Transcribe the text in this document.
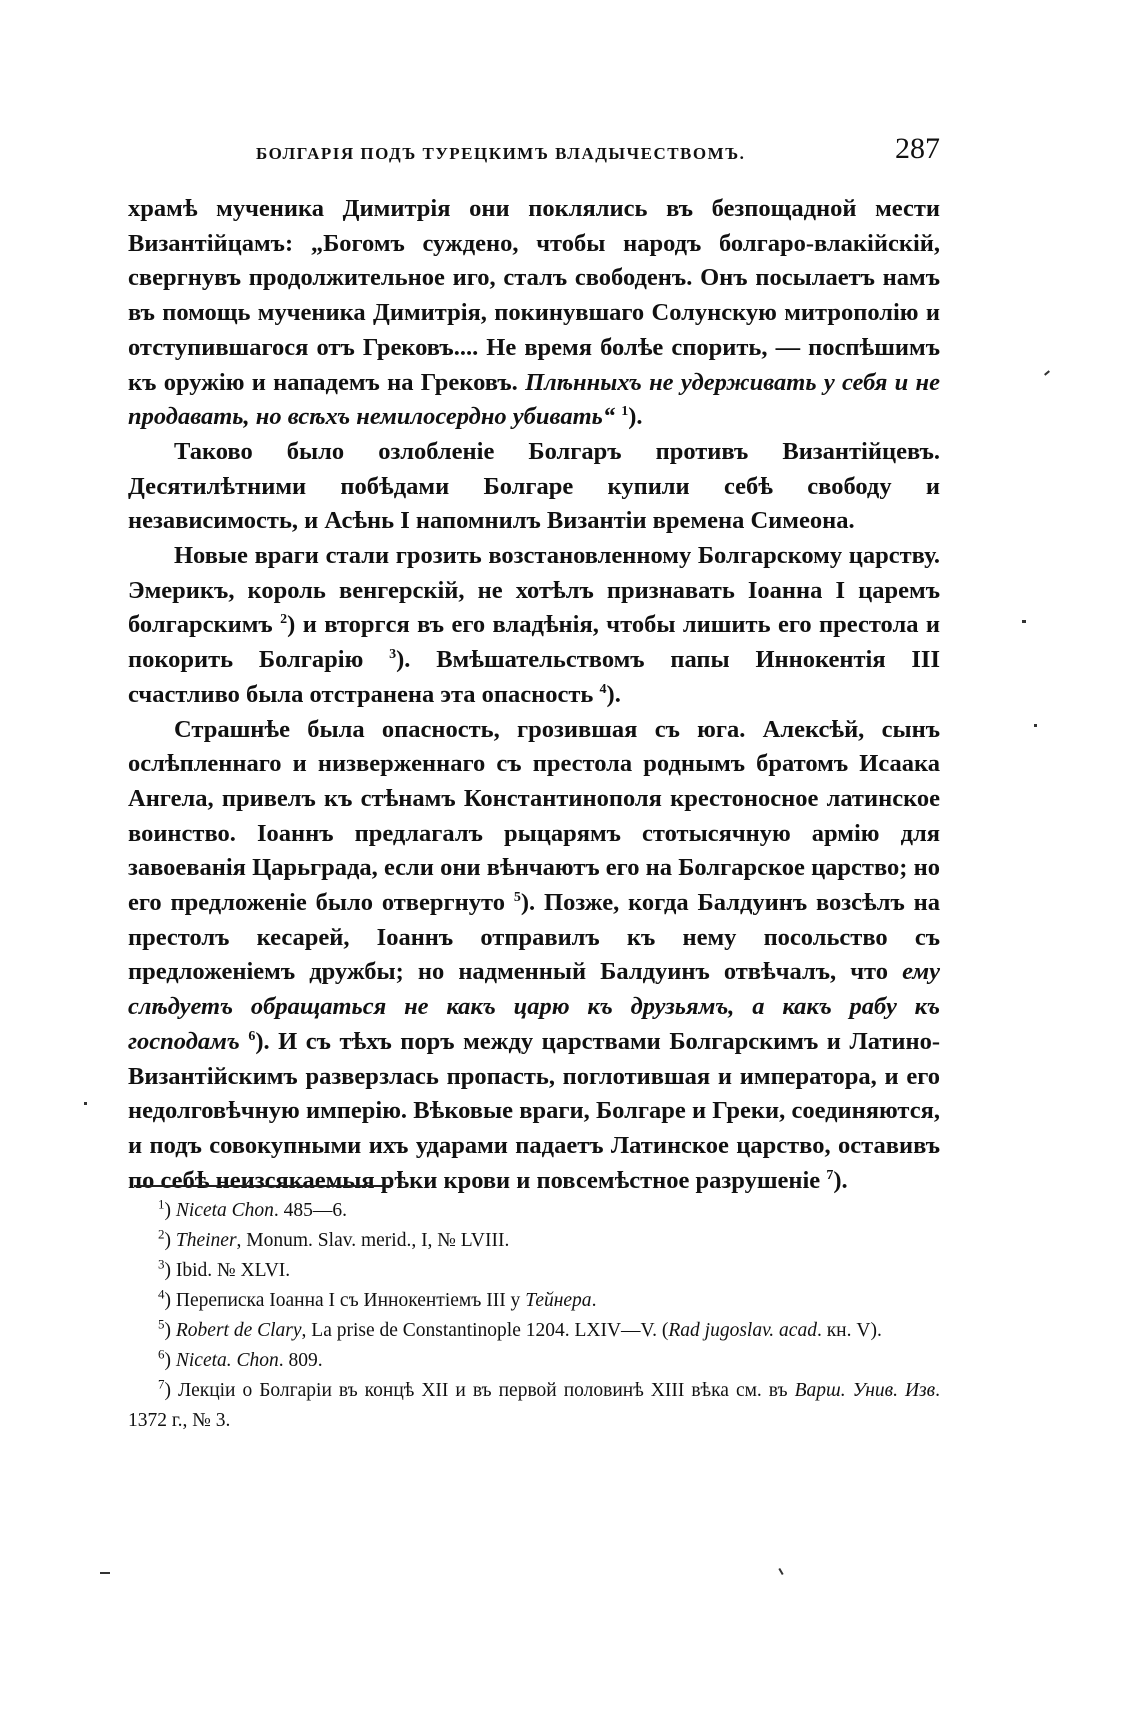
БОЛГАРІЯ ПОДЪ ТУРЕЦКИМЪ ВЛАДЫЧЕСТВОМЪ.	287

храмѣ мученика Димитрія они поклялись въ безпощадной мести Византійцамъ: „Богомъ суждено, чтобы народъ болгаро-влакійскій, свергнувъ продолжительное иго, сталъ свободенъ. Онъ посылаетъ намъ въ помощь мученика Димитрія, покинувшаго Солунскую митрополію и отступившагося отъ Грековъ.... Не время болѣе спорить, — поспѣшимъ къ оружію и нападемъ на Грековъ. Плѣнныхъ не удерживать у себя и не продавать, но всѣхъ немилосердно убивать“ $^1$).

Таково было озлобленіе Болгаръ противъ Византійцевъ. Десятилѣтними побѣдами Болгаре купили себѣ свободу и независимость, и Асѣнь I напомнилъ Византіи времена Симеона.

Новые враги стали грозить возстановленному Болгарскому царству. Эмерикъ, король венгерскій, не хотѣлъ признавать Іоанна I царемъ болгарскимъ $^2$) и вторгся въ его владѣнія, чтобы лишить его престола и покорить Болгарію $^3$). Вмѣшательствомъ папы Иннокентія III счастливо была отстранена эта опасность $^4$).

Страшнѣе была опасность, грозившая съ юга. Алексѣй, сынъ ослѣпленнаго и низверженнаго съ престола роднымъ братомъ Исаака Ангела, привелъ къ стѣнамъ Константинополя крестоносное латинское воинство. Іоаннъ предлагалъ рыцарямъ стотысячную армію для завоеванія Царьграда, если они вѣнчаютъ его на Болгарское царство; но его предложеніе было отвергнуто $^5$). Позже, когда Балдуинъ возсѣлъ на престолъ кесарей, Іоаннъ отправилъ къ нему посольство съ предложеніемъ дружбы; но надменный Балдуинъ отвѣчалъ, что ему слѣдуетъ обращаться не какъ царю къ друзьямъ, а какъ рабу къ господамъ $^6$). И съ тѣхъ поръ между царствами Болгарскимъ и Латино-Византійскимъ разверзлась пропасть, поглотившая и императора, и его недолговѣчную имперію. Вѣковые враги, Болгаре и Греки, соединяются, и подъ совокупными ихъ ударами падаетъ Латинское царство, оставивъ по себѣ неизсякаемыя рѣки крови и повсемѣстное разрушеніе $^7$).

$^1$) Niceta Chon. 485—6.

$^2$) Theiner, Monum. Slav. merid., I, № LVIII.

$^3$) Ibid. № XLVI.

$^4$) Переписка Іоанна I съ Иннокентіемъ III у Тейнера.

$^5$) Robert de Clary, La prise de Constantinople 1204. LXIV—V. (Rad jugoslav. acad. кн. V).

$^6$) Niceta. Chon. 809.

$^7$) Лекціи о Болгаріи въ концѣ XII и въ первой половинѣ XIII вѣка см. въ Варш. Унив. Изв. 1372 г., № 3.
